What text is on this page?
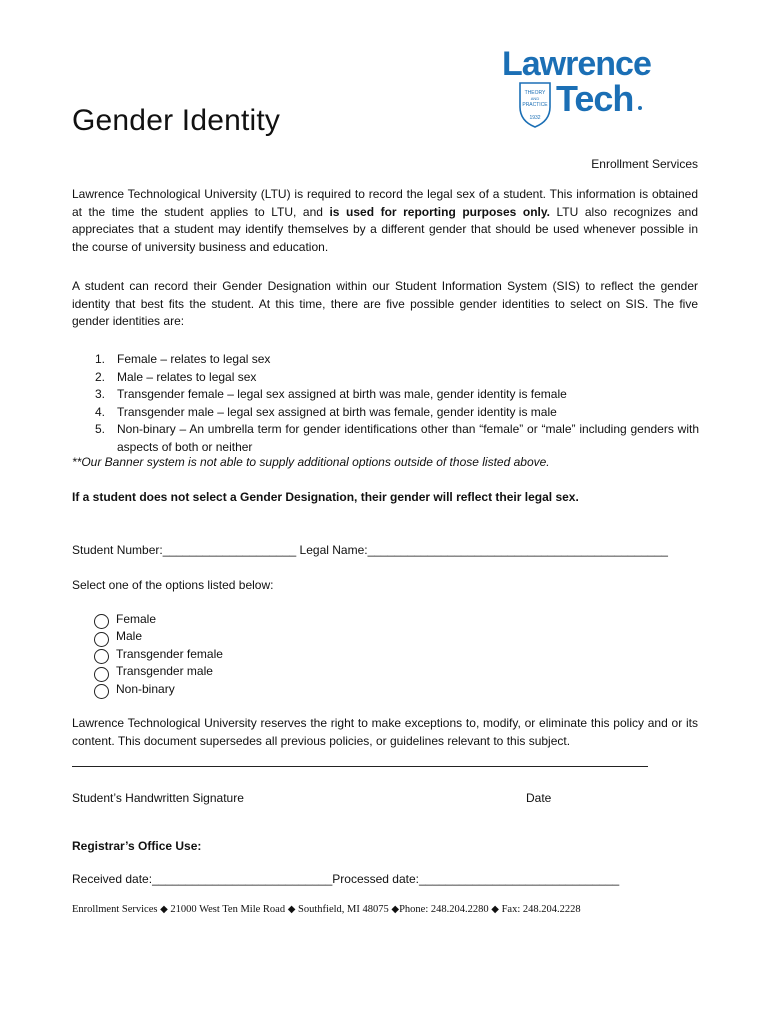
Lawrence
THEORY
AND
PRACTICE
1932 Tech
Gender Identity
Enrollment Services
Lawrence Technological University (LTU) is required to record the legal sex of a student. This information is obtained at the time the student applies to LTU, and is used for reporting purposes only. LTU also recognizes and appreciates that a student may identify themselves by a different gender that should be used whenever possible in the course of university business and education.
A student can record their Gender Designation within our Student Information System (SIS) to reflect the gender identity that best fits the student. At this time, there are five possible gender identities to select on SIS. The five gender identities are:
1. Female – relates to legal sex
2. Male – relates to legal sex
3. Transgender female – legal sex assigned at birth was male, gender identity is female
4. Transgender male – legal sex assigned at birth was female, gender identity is male
5. Non-binary – An umbrella term for gender identifications other than “female” or “male” including genders with aspects of both or neither
**Our Banner system is not able to supply additional options outside of those listed above.
If a student does not select a Gender Designation, their gender will reflect their legal sex.
Student Number:____________________ Legal Name:_____________________________________________
Select one of the options listed below:
Female
Male
Transgender female
Transgender male
Non-binary
Lawrence Technological University reserves the right to make exceptions to, modify, or eliminate this policy and or its content. This document supersedes all previous policies, or guidelines relevant to this subject.
Student’s Handwritten Signature	Date
Registrar’s Office Use:
Received date:___________________________Processed date:______________________________
Enrollment Services ◆ 21000 West Ten Mile Road ◆ Southfield, MI 48075 ◆Phone: 248.204.2280 ◆ Fax: 248.204.2228
